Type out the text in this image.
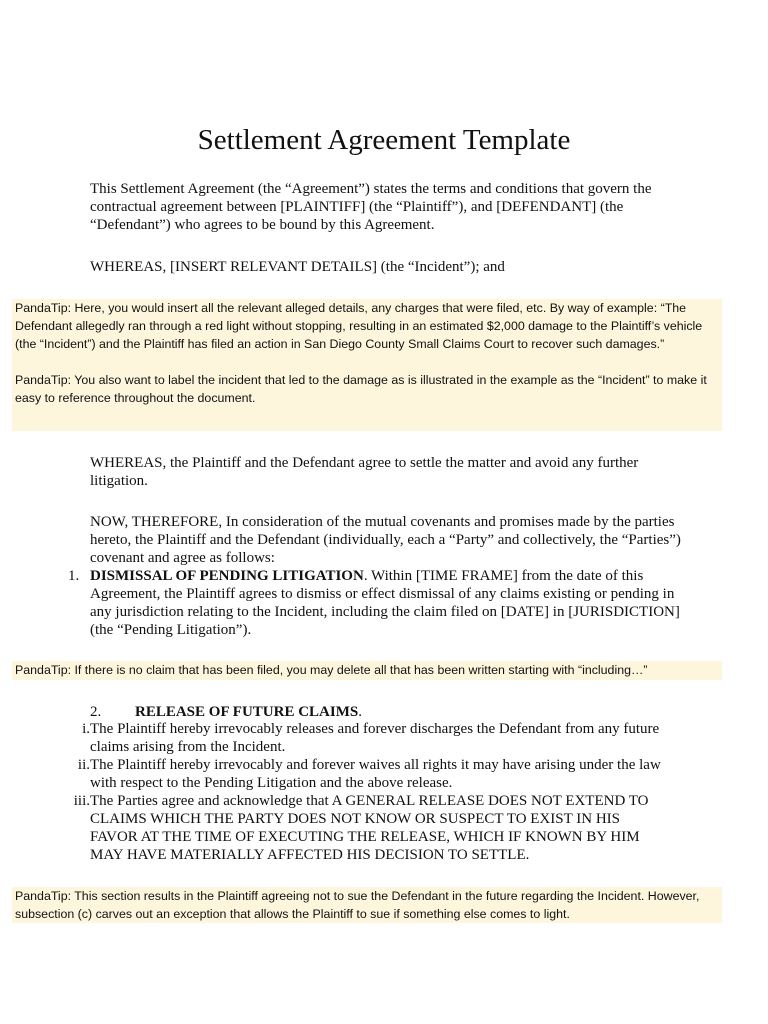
Settlement Agreement Template

This Settlement Agreement (the “Agreement”) states the terms and conditions that govern the contractual agreement between [PLAINTIFF] (the “Plaintiff”), and [DEFENDANT] (the “Defendant”) who agrees to be bound by this Agreement.

WHEREAS, [INSERT RELEVANT DETAILS] (the “Incident”); and

PandaTip: Here, you would insert all the relevant alleged details, any charges that were filed, etc. By way of example: “The Defendant allegedly ran through a red light without stopping, resulting in an estimated $2,000 damage to the Plaintiff’s vehicle (the “Incident”) and the Plaintiff has filed an action in San Diego County Small Claims Court to recover such damages.”

PandaTip: You also want to label the incident that led to the damage as is illustrated in the example as the “Incident” to make it easy to reference throughout the document.

WHEREAS, the Plaintiff and the Defendant agree to settle the matter and avoid any further litigation.

NOW, THEREFORE, In consideration of the mutual covenants and promises made by the parties hereto, the Plaintiff and the Defendant (individually, each a “Party” and collectively, the “Parties”) covenant and agree as follows:

1. DISMISSAL OF PENDING LITIGATION. Within [TIME FRAME] from the date of this Agreement, the Plaintiff agrees to dismiss or effect dismissal of any claims existing or pending in any jurisdiction relating to the Incident, including the claim filed on [DATE] in [JURISDICTION] (the “Pending Litigation”).

PandaTip: If there is no claim that has been filed, you may delete all that has been written starting with “including…”

2. RELEASE OF FUTURE CLAIMS.
i. The Plaintiff hereby irrevocably releases and forever discharges the Defendant from any future claims arising from the Incident.
ii. The Plaintiff hereby irrevocably and forever waives all rights it may have arising under the law with respect to the Pending Litigation and the above release.
iii. The Parties agree and acknowledge that A GENERAL RELEASE DOES NOT EXTEND TO CLAIMS WHICH THE PARTY DOES NOT KNOW OR SUSPECT TO EXIST IN HIS FAVOR AT THE TIME OF EXECUTING THE RELEASE, WHICH IF KNOWN BY HIM MAY HAVE MATERIALLY AFFECTED HIS DECISION TO SETTLE.

PandaTip: This section results in the Plaintiff agreeing not to sue the Defendant in the future regarding the Incident. However, subsection (c) carves out an exception that allows the Plaintiff to sue if something else comes to light.
